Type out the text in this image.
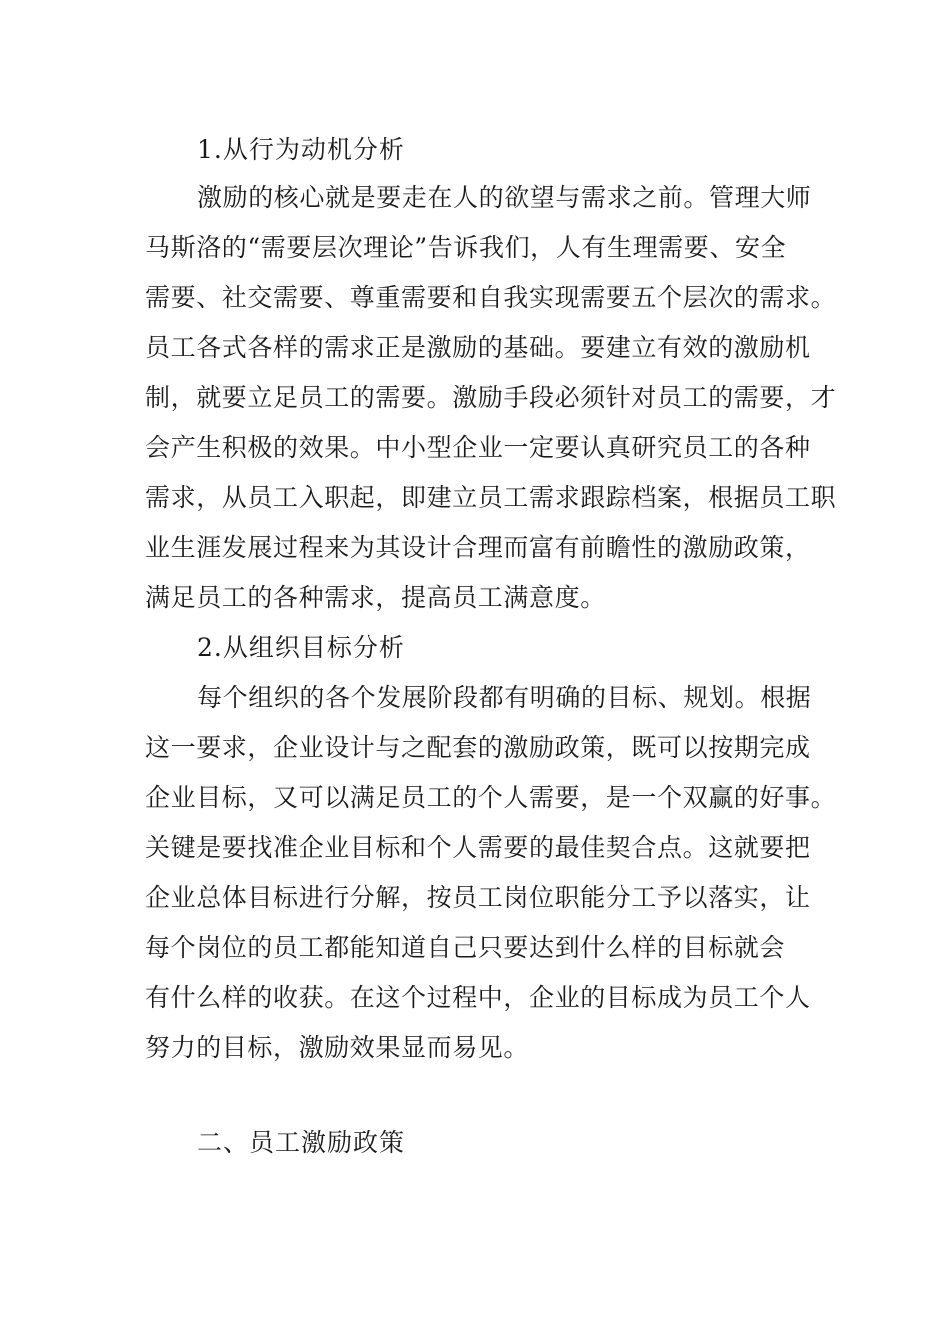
1.从行为动机分析
激励的核心就是要走在人的欲望与需求之前。管理大师
马斯洛的“需要层次理论”告诉我们，人有生理需要、安全
需要、社交需要、尊重需要和自我实现需要五个层次的需求。
员工各式各样的需求正是激励的基础。要建立有效的激励机
制，就要立足员工的需要。激励手段必须针对员工的需要，才
会产生积极的效果。中小型企业一定要认真研究员工的各种
需求，从员工入职起，即建立员工需求跟踪档案，根据员工职
业生涯发展过程来为其设计合理而富有前瞻性的激励政策，
满足员工的各种需求，提高员工满意度。
2.从组织目标分析
每个组织的各个发展阶段都有明确的目标、规划。根据
这一要求，企业设计与之配套的激励政策，既可以按期完成
企业目标，又可以满足员工的个人需要，是一个双赢的好事。
关键是要找准企业目标和个人需要的最佳契合点。这就要把
企业总体目标进行分解，按员工岗位职能分工予以落实，让
每个岗位的员工都能知道自己只要达到什么样的目标就会
有什么样的收获。在这个过程中，企业的目标成为员工个人
努力的目标，激励效果显而易见。
二、员工激励政策
